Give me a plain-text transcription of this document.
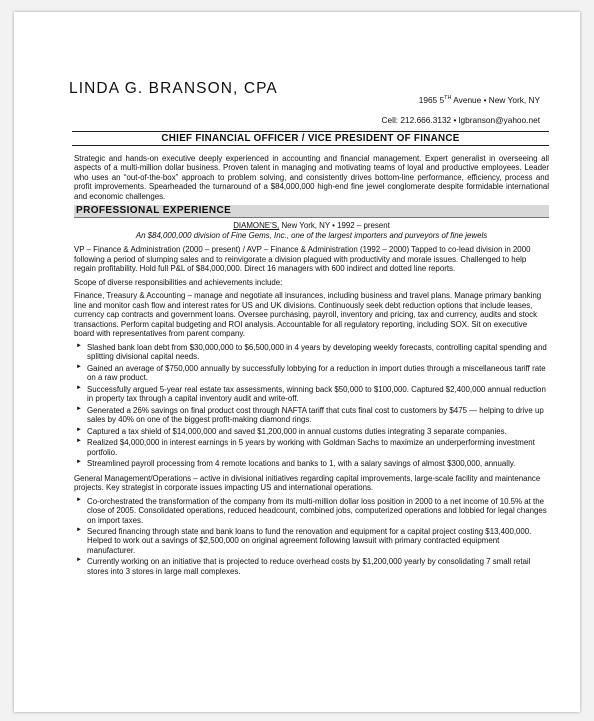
LINDA G. BRANSON, CPA
1965 5TH Avenue • New York, NY
Cell: 212.666.3132 • lgbranson@yahoo.net
CHIEF FINANCIAL OFFICER / VICE PRESIDENT OF FINANCE

Strategic and hands-on executive deeply experienced in accounting and financial management. Expert generalist in overseeing all aspects of a multi-million dollar business. Proven talent in managing and motivating teams of loyal and productive employees. Leader who uses an “out-of-the-box” approach to problem solving, and consistently drives bottom-line performance, efficiency, process and profit improvements. Spearheaded the turnaround of a $84,000,000 high-end fine jewel conglomerate despite formidable international and economic challenges.

PROFESSIONAL EXPERIENCE
DIAMONE’S, New York, NY • 1992 – present
An $84,000,000 division of Fine Gems, Inc., one of the largest importers and purveyors of fine jewels

VP – Finance & Administration (2000 – present) / AVP – Finance & Administration (1992 – 2000) Tapped to co-lead division in 2000 following a period of slumping sales and to reinvigorate a division plagued with productivity and morale issues. Challenged to help regain profitability. Hold full P&L of $84,000,000. Direct 16 managers with 600 indirect and dotted line reports.

Scope of diverse responsibilities and achievements include:

Finance, Treasury & Accounting – manage and negotiate all insurances, including business and travel plans. Manage primary banking line and monitor cash flow and interest rates for US and UK divisions. Continuously seek debt reduction options that include leases, currency cap contracts and government loans. Oversee purchasing, payroll, inventory and pricing, tax and currency, audits and stock transactions. Perform capital budgeting and ROI analysis. Accountable for all regulatory reporting, including SOX. Sit on executive board with representatives from parent company.

► Slashed bank loan debt from $30,000,000 to $6,500,000 in 4 years by developing weekly forecasts, controlling capital spending and splitting divisional capital needs.
► Gained an average of $750,000 annually by successfully lobbying for a reduction in import duties through a miscellaneous tariff rate on a raw product.
► Successfully argued 5-year real estate tax assessments, winning back $50,000 to $100,000. Captured $2,400,000 annual reduction in property tax through a capital inventory audit and write-off.
► Generated a 26% savings on final product cost through NAFTA tariff that cuts final cost to customers by $475 — helping to drive up sales by 40% on one of the biggest profit-making diamond rings.
► Captured a tax shield of $14,000,000 and saved $1,200,000 in annual customs duties integrating 3 separate companies.
► Realized $4,000,000 in interest earnings in 5 years by working with Goldman Sachs to maximize an underperforming investment portfolio.
► Streamlined payroll processing from 4 remote locations and banks to 1, with a salary savings of almost $300,000, annually.

General Management/Operations – active in divisional initiatives regarding capital improvements, large-scale facility and maintenance projects. Key strategist in corporate issues impacting US and international operations.

► Co-orchestrated the transformation of the company from its multi-million dollar loss position in 2000 to a net income of 10.5% at the close of 2005. Consolidated operations, reduced headcount, combined jobs, computerized operations and lobbied for legal changes on import taxes.
► Secured financing through state and bank loans to fund the renovation and equipment for a capital project costing $13,400,000. Helped to work out a savings of $2,500,000 on original agreement following lawsuit with primary contracted equipment manufacturer.
► Currently working on an initiative that is projected to reduce overhead costs by $1,200,000 yearly by consolidating 7 small retail stores into 3 stores in large mall complexes.
